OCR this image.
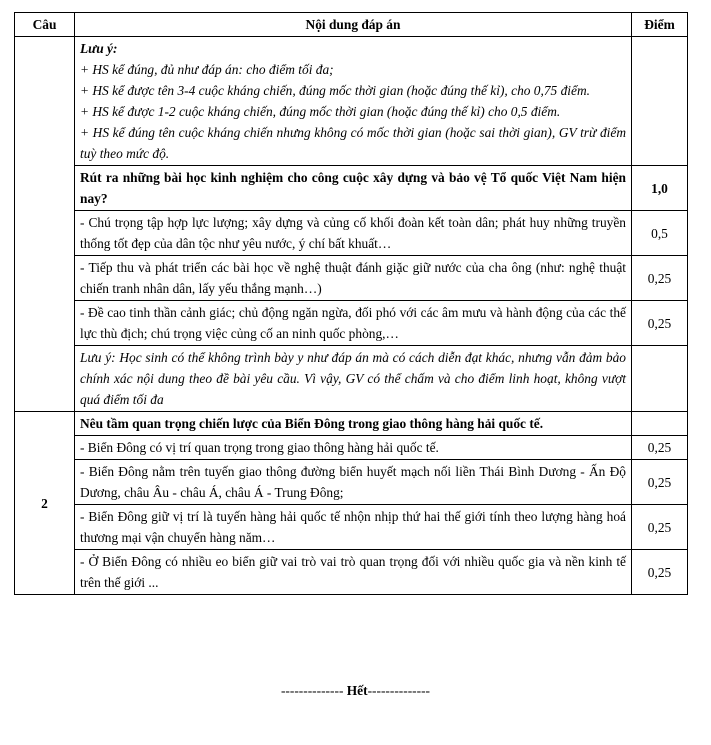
Câu	Nội dung đáp án	Điểm

	Lưu ý:
+ HS kể đúng, đủ như đáp án: cho điểm tối đa;
+ HS kể được tên 3-4 cuộc kháng chiến, đúng mốc thời gian (hoặc đúng thế kỉ), cho 0,75 điểm.
+ HS kể được 1-2 cuộc kháng chiến, đúng mốc thời gian (hoặc đúng thế kỉ) cho 0,5 điểm.
+ HS kể đúng tên cuộc kháng chiến nhưng không có mốc thời gian (hoặc sai thời gian), GV trừ điểm tuỳ theo mức độ.	

	Rút ra những bài học kinh nghiệm cho công cuộc xây dựng và bảo vệ Tổ quốc Việt Nam hiện nay?	1,0
	- Chú trọng tập hợp lực lượng; xây dựng và củng cố khối đoàn kết toàn dân; phát huy những truyền thống tốt đẹp của dân tộc như yêu nước, ý chí bất khuất…	0,5
	- Tiếp thu và phát triển các bài học về nghệ thuật đánh giặc giữ nước của cha ông (như: nghệ thuật chiến tranh nhân dân, lấy yếu thắng mạnh…)	0,25
	- Đề cao tinh thần cảnh giác; chủ động ngăn ngừa, đối phó với các âm mưu và hành động của các thế lực thù địch; chú trọng việc củng cố an ninh quốc phòng,…	0,25
	Lưu ý: Học sinh có thể không trình bày y như đáp án mà có cách diễn đạt khác, nhưng vẫn đảm bảo chính xác nội dung theo đề bài yêu cầu. Vì vậy, GV có thể chấm và cho điểm linh hoạt, không vượt quá điểm tối đa	
2	Nêu tầm quan trọng chiến lược của Biển Đông trong giao thông hàng hải quốc tế.	
	- Biển Đông có vị trí quan trọng trong giao thông hàng hải quốc tế.	0,25
	- Biển Đông nằm trên tuyến giao thông đường biển huyết mạch nối liền Thái Bình Dương - Ấn Độ Dương, châu Âu - châu Á, châu Á - Trung Đông;	0,25
	- Biển Đông giữ vị trí là tuyến hàng hải quốc tế nhộn nhịp thứ hai thế giới tính theo lượng hàng hoá thương mại vận chuyển hàng năm…	0,25
	- Ở Biển Đông có nhiều eo biển giữ vai trò vai trò quan trọng đối với nhiều quốc gia và nền kinh tế trên thế giới ...	0,25
-------------- Hết--------------
